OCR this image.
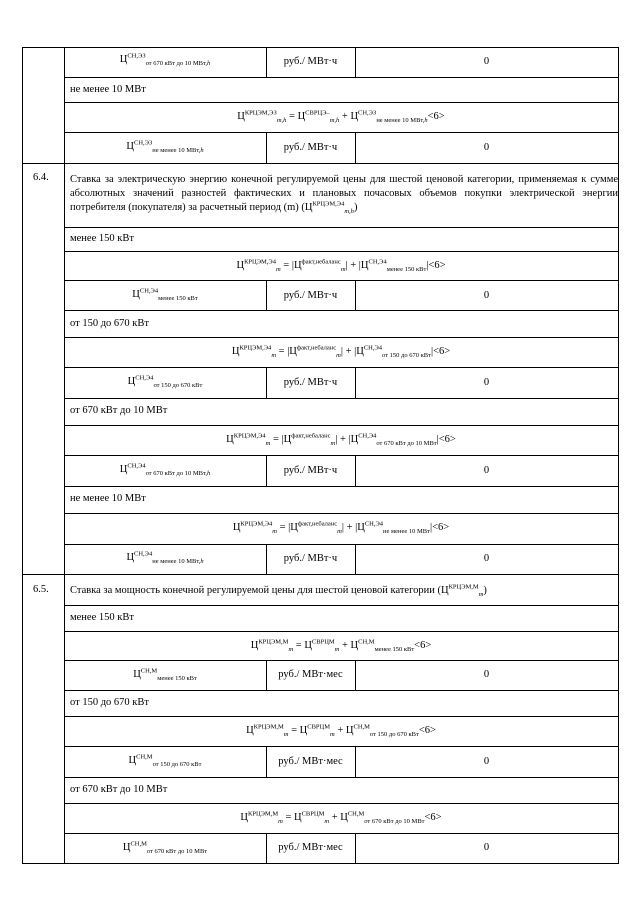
$Ц^{СН,ЭЗ}_{от 670 кВт до 10 МВт,h}$	руб./ МВт·ч	0
не менее 10 МВт
$Ц^{КРЦЭМ,ЭЗ}_{m,h} = Ц^{СВРЦЭ-}_{m,h} + Ц^{СН,ЭЗ}_{не менее 10 МВт,h}<6>$
$Ц^{СН,ЭЗ}_{не менее 10 МВт,h}$	руб./ МВт·ч	0
6.4. Ставка за электрическую энергию конечной регулируемой цены для шестой ценовой категории, применяемая к сумме абсолютных значений разностей фактических и плановых почасовых объемов покупки электрической энергии потребителя (покупателя) за расчетный период (m) $(Ц^{КРЦЭМ,Э4}_{m,h})$
менее 150 кВт
$Ц^{КРЦЭМ,Э4}_m = |Ц^{факт,небаланс}_m| + |Ц^{СН,Э4}_{менее 150 кВт}|<6>$
$Ц^{СН,Э4}_{менее 150 кВт}$	руб./ МВт·ч	0
от 150 до 670 кВт
$Ц^{КРЦЭМ,Э4}_m = |Ц^{факт,небаланс}_m| + |Ц^{СН,Э4}_{от 150 до 670 кВт}|<6>$
$Ц^{СН,Э4}_{от 150 до 670 кВт}$	руб./ МВт·ч	0
от 670 кВт до 10 МВт
$Ц^{КРЦЭМ,Э4}_m = |Ц^{факт,небаланс}_m| + |Ц^{СН,Э4}_{от 670 кВт до 10 МВт}|<6>$
$Ц^{СН,Э4}_{от 670 кВт до 10 МВт,h}$	руб./ МВт·ч	0
не менее 10 МВт
$Ц^{КРЦЭМ,Э4}_m = |Ц^{факт,небаланс}_m| + |Ц^{СН,Э4}_{не менее 10 МВт}|<6>$
$Ц^{СН,Э4}_{не менее 10 МВт,h}$	руб./ МВт·ч	0
6.5. Ставка за мощность конечной регулируемой цены для шестой ценовой категории $(Ц^{КРЦЭМ,М}_m)$
менее 150 кВт
$Ц^{КРЦЭМ,М}_m = Ц^{СВРЦМ}_m + Ц^{СН,М}_{менее 150 кВт}<6>$
$Ц^{СН,М}_{менее 150 кВт}$	руб./ МВт·мес	0
от 150 до 670 кВт
$Ц^{КРЦЭМ,М}_m = Ц^{СВРЦМ}_m + Ц^{СН,М}_{от 150 до 670 кВт}<6>$
$Ц^{СН,М}_{от 150 до 670 кВт}$	руб./ МВт·мес	0
от 670 кВт до 10 МВт
$Ц^{КРЦЭМ,М}_m = Ц^{СВРЦМ}_m + Ц^{СН,М}_{от 670 кВт до 10 МВт}<6>$
$Ц^{СН,М}_{от 670 кВт до 10 МВт}$	руб./ МВт·мес	0
